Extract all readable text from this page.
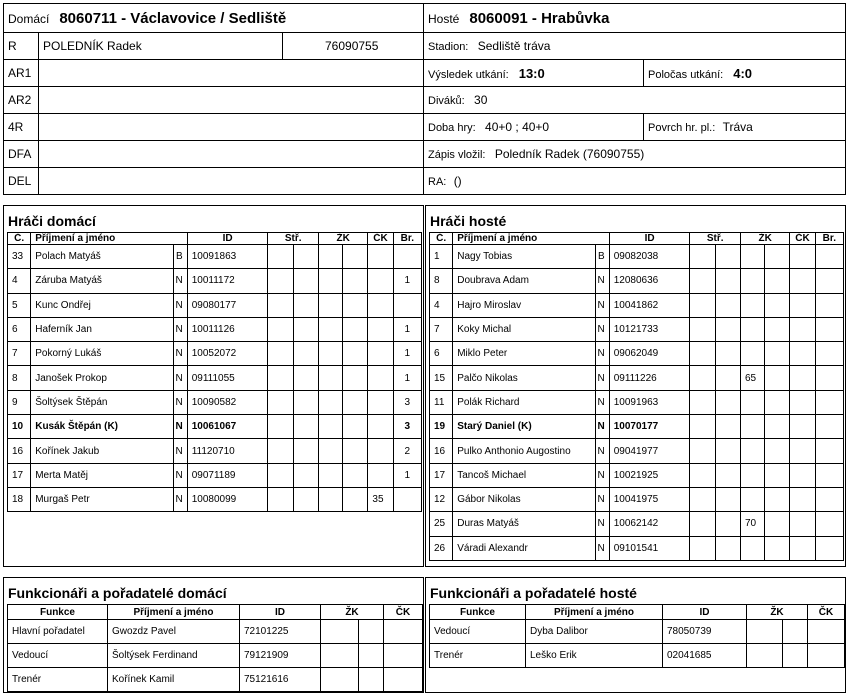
Domácí 8060711 - Václavovice / Sedliště			Hosté 8060091 - Hrabůvka	
R	POLEDNÍK Radek	76090755	Stadion: Sedliště tráva	
AR1			Výsledek utkání: 13:0	Poločas utkání: 4:0
AR2			Diváků: 30	
4R			Doba hry: 40+0 ; 40+0	Povrch hr. pl.: Tráva
DFA			Zápis vložil: Poledník Radek (76090755)	
DEL			RA: ()	
Hráči domácí
Č.	Příjmení a jméno		ID	Stř.		ŽK		ČK	Br.
33	Polach Matyáš	B	10091863						
4	Záruba Matyáš	N	10011172						1
5	Kunc Ondřej	N	09080177						
6	Haferník Jan	N	10011126						1
7	Pokorný Lukáš	N	10052072						1
8	Janošek Prokop	N	09111055						1
9	Šoltýsek Štěpán	N	10090582						3
10	Kusák Štěpán (K)	N	10061067						3
16	Kořínek Jakub	N	11120710						2
17	Merta Matěj	N	09071189						1
18	Murgaš Petr	N	10080099					35	
Hráči hosté
Č.	Příjmení a jméno		ID	Stř.		ŽK		ČK	Br.
1	Nagy Tobias	B	09082038						
8	Doubrava Adam	N	12080636						
4	Hajro Miroslav	N	10041862						
7	Koky Michal	N	10121733						
6	Miklo Peter	N	09062049						
15	Palčo Nikolas	N	09111226			65			
11	Polák Richard	N	10091963						
19	Starý Daniel (K)	N	10070177						
16	Pulko Anthonio Augostino	N	09041977						
17	Tancoš Michael	N	10021925						
12	Gábor Nikolas	N	10041975						
25	Duras Matyáš	N	10062142			70			
26	Váradi Alexandr	N	09101541						
Funkcionáři a pořadatelé domácí
Funkce	Příjmení a jméno	ID	ŽK		ČK
Hlavní pořadatel	Gwozdz Pavel	72101225			
Vedoucí	Šoltýsek Ferdinand	79121909			
Trenér	Kořínek Kamil	75121616			
Funkcionáři a pořadatelé hosté
Funkce	Příjmení a jméno	ID	ŽK		ČK
Vedoucí	Dyba Dalibor	78050739			
Trenér	Leško Erik	02041685			
